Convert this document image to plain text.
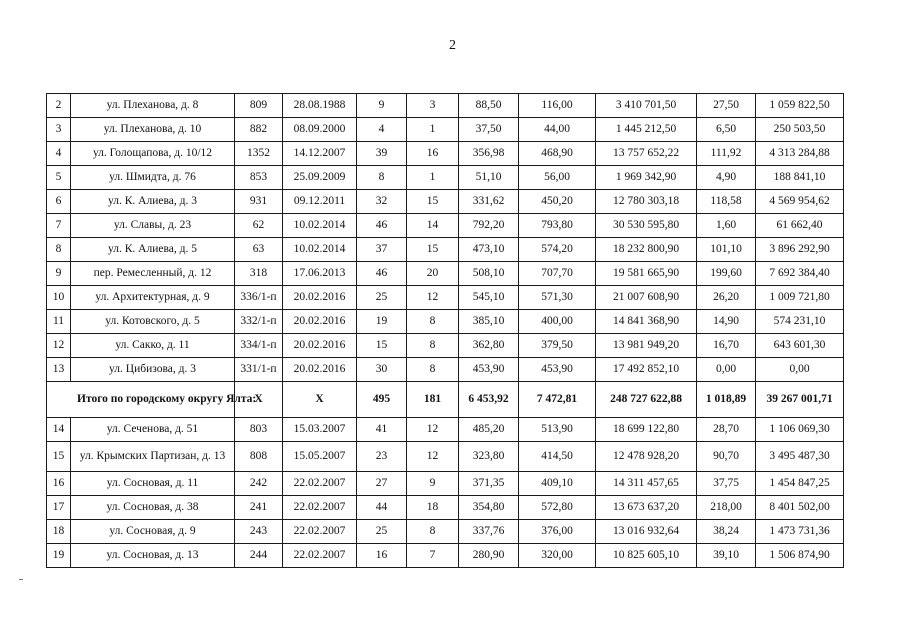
2
2	ул. Плеханова, д. 8	809	28.08.1988	9	3	88,50	116,00	3 410 701,50	27,50	1 059 822,50
3	ул. Плеханова, д. 10	882	08.09.2000	4	1	37,50	44,00	1 445 212,50	6,50	250 503,50
4	ул. Голощапова, д. 10/12	1352	14.12.2007	39	16	356,98	468,90	13 757 652,22	111,92	4 313 284,88
5	ул. Шмидта, д. 76	853	25.09.2009	8	1	51,10	56,00	1 969 342,90	4,90	188 841,10
6	ул. К. Алиева, д. 3	931	09.12.2011	32	15	331,62	450,20	12 780 303,18	118,58	4 569 954,62
7	ул. Славы, д. 23	62	10.02.2014	46	14	792,20	793,80	30 530 595,80	1,60	61 662,40
8	ул. К. Алиева, д. 5	63	10.02.2014	37	15	473,10	574,20	18 232 800,90	101,10	3 896 292,90
9	пер. Ремесленный, д. 12	318	17.06.2013	46	20	508,10	707,70	19 581 665,90	199,60	7 692 384,40
10	ул. Архитектурная, д. 9	336/1-п	20.02.2016	25	12	545,10	571,30	21 007 608,90	26,20	1 009 721,80
11	ул. Котовского, д. 5	332/1-п	20.02.2016	19	8	385,10	400,00	14 841 368,90	14,90	574 231,10
12	ул. Сакко, д. 11	334/1-п	20.02.2016	15	8	362,80	379,50	13 981 949,20	16,70	643 601,30
13	ул. Цибизова, д. 3	331/1-п	20.02.2016	30	8	453,90	453,90	17 492 852,10	0,00	0,00
Итого по городскому округу Ялта:		Х	Х	495	181	6 453,92	7 472,81	248 727 622,88	1 018,89	39 267 001,71
14	ул. Сеченова, д. 51	803	15.03.2007	41	12	485,20	513,90	18 699 122,80	28,70	1 106 069,30
15	ул. Крымских Партизан, д. 13	808	15.05.2007	23	12	323,80	414,50	12 478 928,20	90,70	3 495 487,30
16	ул. Сосновая, д. 11	242	22.02.2007	27	9	371,35	409,10	14 311 457,65	37,75	1 454 847,25
17	ул. Сосновая, д. 38	241	22.02.2007	44	18	354,80	572,80	13 673 637,20	218,00	8 401 502,00
18	ул. Сосновая, д. 9	243	22.02.2007	25	8	337,76	376,00	13 016 932,64	38,24	1 473 731,36
19	ул. Сосновая, д. 13	244	22.02.2007	16	7	280,90	320,00	10 825 605,10	39,10	1 506 874,90
